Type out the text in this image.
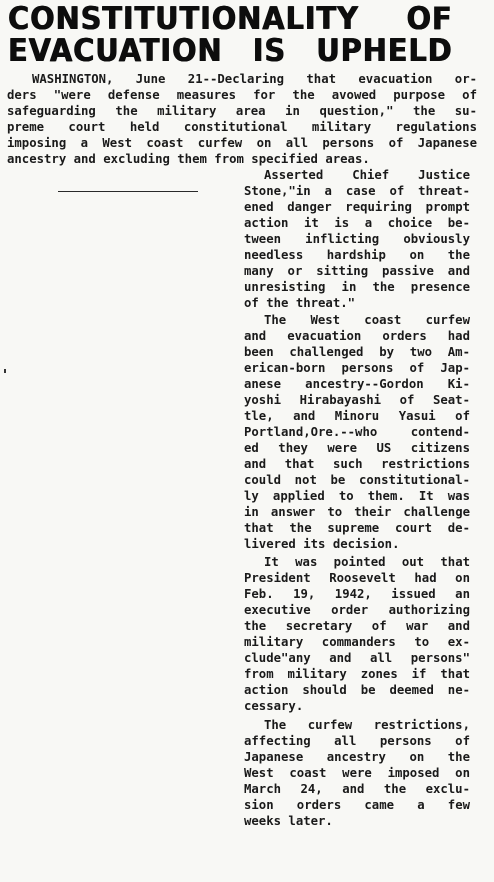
CONSTITUTIONALITY OF
EVACUATION IS UPHELD
WASHINGTON, June 21--Declaring that evacuation or-
ders "were defense measures for the avowed purpose of
safeguarding the military area in question," the su-
preme court held constitutional military regulations
imposing a West coast curfew on all persons of Japanese
ancestry and excluding them from specified areas.
Asserted Chief Justice
Stone,"in a case of threat-
ened danger requiring prompt
action it is a choice be-
tween inflicting obviously
needless hardship on the
many or sitting passive and
unresisting in the presence
of the threat."
The West coast curfew
and evacuation orders had
been challenged by two Am-
erican-born persons of Jap-
anese ancestry--Gordon Ki-
yoshi Hirabayashi of Seat-
tle, and Minoru Yasui of
Portland,Ore.--who contend-
ed they were US citizens
and that such restrictions
could not be constitutional-
ly applied to them. It was
in answer to their challenge
that the supreme court de-
livered its decision.
It was pointed out that
President Roosevelt had on
Feb. 19, 1942, issued an
executive order authorizing
the secretary of war and
military commanders to ex-
clude"any and all persons"
from military zones if that
action should be deemed ne-
cessary.
The curfew restrictions,
affecting all persons of
Japanese ancestry on the
West coast were imposed on
March 24, and the exclu-
sion orders came a few
weeks later.
